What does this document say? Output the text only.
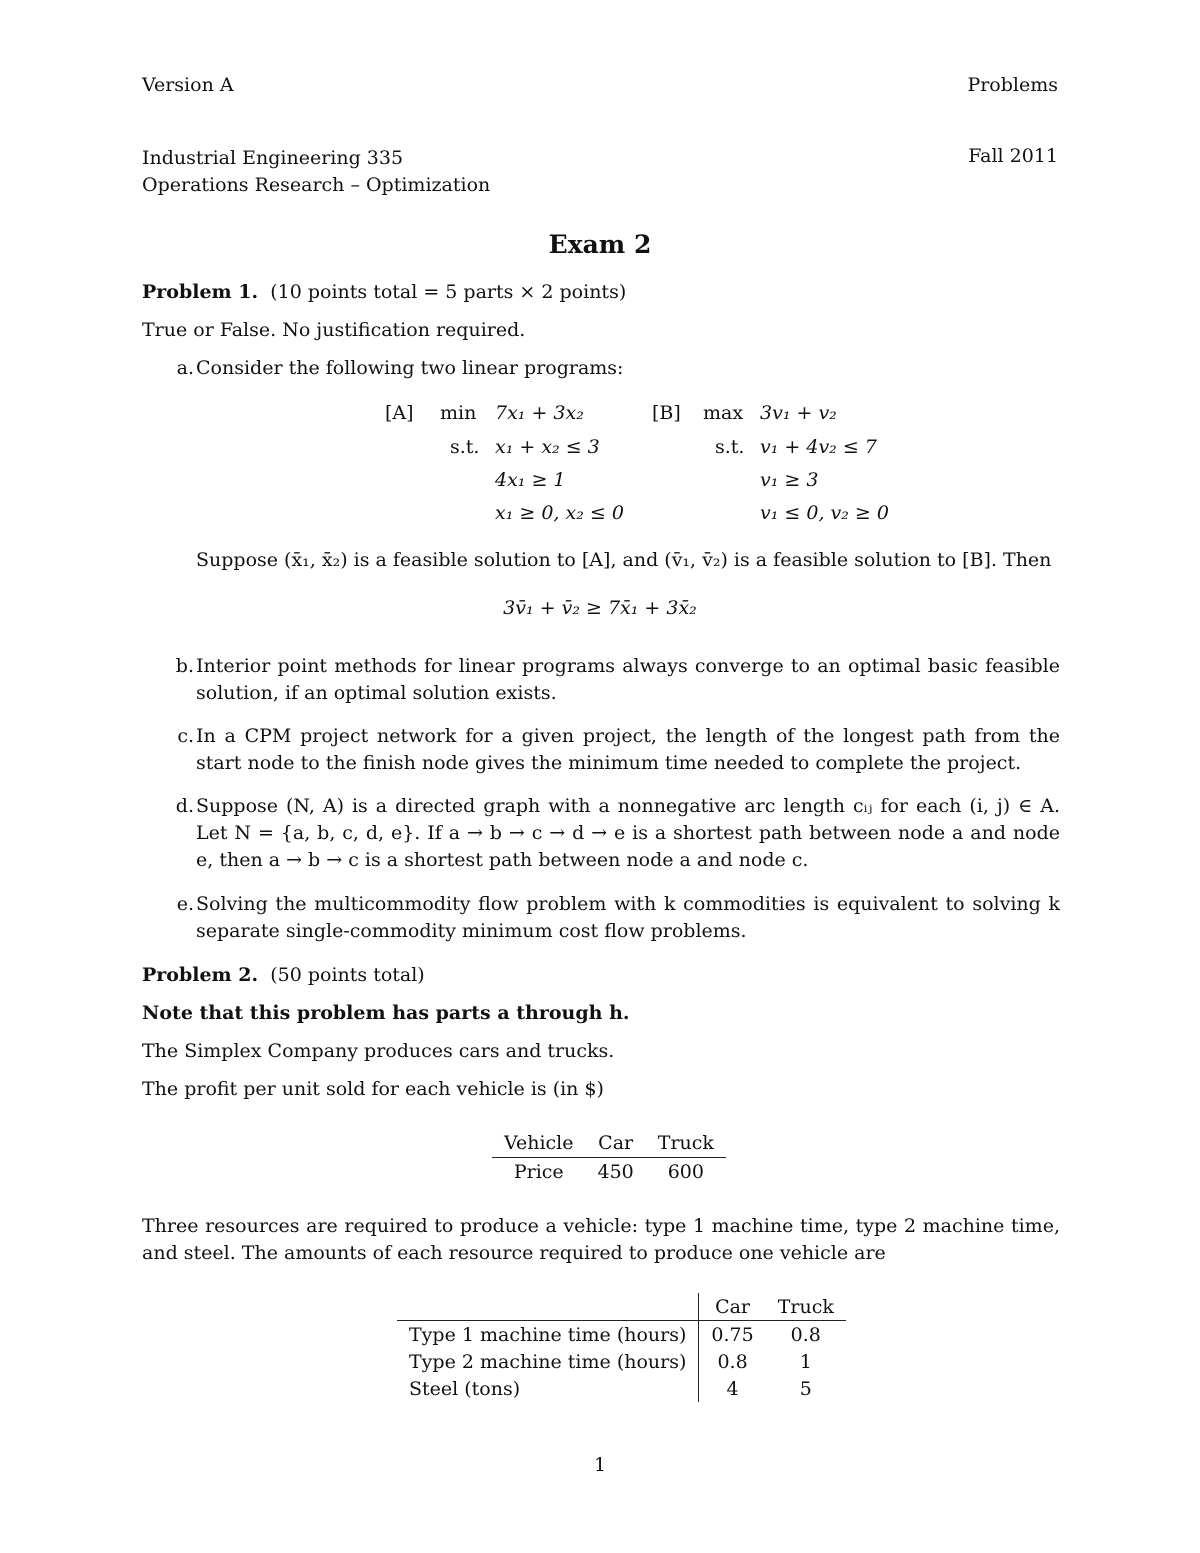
Version A	Problems
Industrial Engineering 335
Operations Research – Optimization
Fall 2011
Exam 2
Problem 1. (10 points total = 5 parts × 2 points)
True or False. No justification required.
a. Consider the following two linear programs:
[A] min 7x₁ + 3x₂
s.t. x₁ + x₂ ≤ 3
4x₁ ≥ 1
x₁ ≥ 0, x₂ ≤ 0
[B] max 3v₁ + v₂
s.t. v₁ + 4v₂ ≤ 7
v₁ ≥ 3
v₁ ≤ 0, v₂ ≥ 0
Suppose (x̄₁, x̄₂) is a feasible solution to [A], and (v̄₁, v̄₂) is a feasible solution to [B]. Then
3v̄₁ + v̄₂ ≥ 7x̄₁ + 3x̄₂
b. Interior point methods for linear programs always converge to an optimal basic feasible solution, if an optimal solution exists.
c. In a CPM project network for a given project, the length of the longest path from the start node to the finish node gives the minimum time needed to complete the project.
d. Suppose (N, A) is a directed graph with a nonnegative arc length cᵢⱼ for each (i, j) ∈ A. Let N = {a, b, c, d, e}. If a → b → c → d → e is a shortest path between node a and node e, then a → b → c is a shortest path between node a and node c.
e. Solving the multicommodity flow problem with k commodities is equivalent to solving k separate single-commodity minimum cost flow problems.
Problem 2. (50 points total)
Note that this problem has parts a through h.
The Simplex Company produces cars and trucks.
The profit per unit sold for each vehicle is (in $)
Vehicle	Car	Truck
Price	450	600
Three resources are required to produce a vehicle: type 1 machine time, type 2 machine time, and steel. The amounts of each resource required to produce one vehicle are
	Car	Truck
Type 1 machine time (hours)	0.75	0.8
Type 2 machine time (hours)	0.8	1
Steel (tons)	4	5
1
